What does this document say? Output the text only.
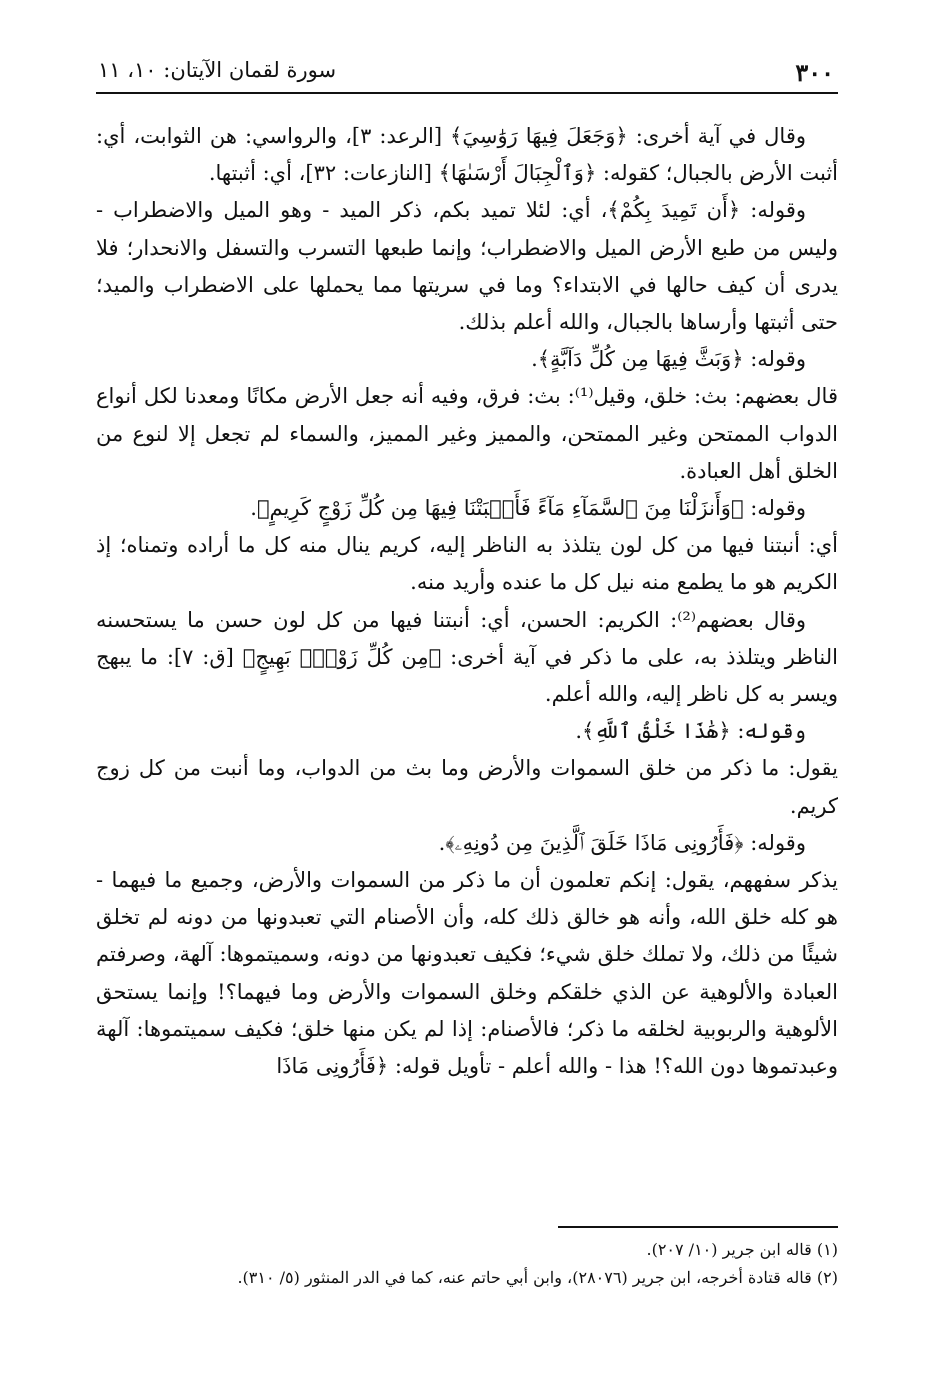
٣٠٠
سورة لقمان الآيتان: ١٠، ١١

وقال في آية أخرى: ﴿وَجَعَلَ فِيهَا رَوَٰسِيَ﴾ [الرعد: ٣]، والرواسي: هن الثوابت، أي: أثبت الأرض بالجبال؛ كقوله: ﴿وَٱلْجِبَالَ أَرْسَىٰهَا﴾ [النازعات: ٣٢]، أي: أثبتها.

وقوله: ﴿أَن تَمِيدَ بِكُمْ﴾، أي: لئلا تميد بكم، ذكر الميد - وهو الميل والاضطراب - وليس من طبع الأرض الميل والاضطراب؛ وإنما طبعها التسرب والتسفل والانحدار؛ فلا يدرى أن كيف حالها في الابتداء؟ وما في سريتها مما يحملها على الاضطراب والميد؛ حتى أثبتها وأرساها بالجبال، والله أعلم بذلك.

وقوله: ﴿وَبَثَّ فِيهَا مِن كُلِّ دَآبَّةٍ﴾.

قال بعضهم: بث: خلق، وقيل⁽¹⁾: بث: فرق، وفيه أنه جعل الأرض مكانًا ومعدنا لكل أنواع الدواب الممتحن وغير الممتحن، والمميز وغير المميز، والسماء لم تجعل إلا لنوع من الخلق أهل العبادة.

وقوله: ﴿وَأَنزَلْنَا مِنَ ٱلسَّمَآءِ مَآءً فَأَنۢبَتْنَا فِيهَا مِن كُلِّ زَوْجٍ كَرِيمٍ﴾.

أي: أنبتنا فيها من كل لون يتلذذ به الناظر إليه، كريم ينال منه كل ما أراده وتمناه؛ إذ الكريم هو ما يطمع منه نيل كل ما عنده وأريد منه.

وقال بعضهم⁽²⁾: الكريم: الحسن، أي: أنبتنا فيها من كل لون حسن ما يستحسنه الناظر ويتلذذ به، على ما ذكر في آية أخرى: ﴿مِن كُلِّ زَوْجٍۭ بَهِيجٍ﴾ [ق: ٧]: ما يبهج ويسر به كل ناظر إليه، والله أعلم.

وقوله: ﴿هَٰذَا خَلْقُ ٱللَّهِ﴾.

يقول: ما ذكر من خلق السموات والأرض وما بث من الدواب، وما أنبت من كل زوج كريم.

وقوله: ﴿فَأَرُونِى مَاذَا خَلَقَ ٱلَّذِينَ مِن دُونِهِۦ﴾.

يذكر سفههم، يقول: إنكم تعلمون أن ما ذكر من السموات والأرض، وجميع ما فيهما - هو كله خلق الله، وأنه هو خالق ذلك كله، وأن الأصنام التي تعبدونها من دونه لم تخلق شيئًا من ذلك، ولا تملك خلق شيء؛ فكيف تعبدونها من دونه، وسميتموها: آلهة، وصرفتم العبادة والألوهية عن الذي خلقكم وخلق السموات والأرض وما فيهما؟! وإنما يستحق الألوهية والربوبية لخلقه ما ذكر؛ فالأصنام: إذا لم يكن منها خلق؛ فكيف سميتموها: آلهة وعبدتموها دون الله؟! هذا - والله أعلم - تأويل قوله: ﴿فَأَرُونِى مَاذَا

(١) قاله ابن جرير (١٠/ ٢٠٧).

(٢) قاله قتادة أخرجه، ابن جرير (٢٨٠٧٦)، وابن أبي حاتم عنه، كما في الدر المنثور (٥/ ٣١٠).
